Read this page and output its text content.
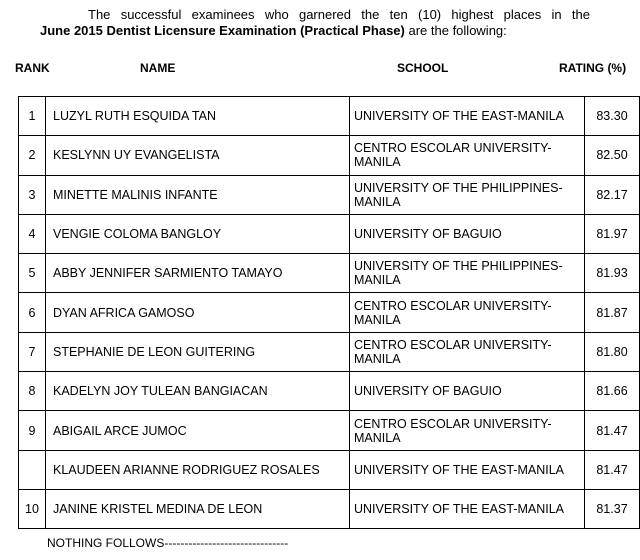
The successful examinees who garnered the ten (10) highest places in the
June 2015 Dentist Licensure Examination (Practical Phase) are the following:
RANK	NAME	SCHOOL	RATING (%)
1	LUZYL RUTH ESQUIDA TAN	UNIVERSITY OF THE EAST-MANILA	83.30
2	KESLYNN UY EVANGELISTA	CENTRO ESCOLAR UNIVERSITY-MANILA	82.50
3	MINETTE MALINIS INFANTE	UNIVERSITY OF THE PHILIPPINES-MANILA	82.17
4	VENGIE COLOMA BANGLOY	UNIVERSITY OF BAGUIO	81.97
5	ABBY JENNIFER SARMIENTO TAMAYO	UNIVERSITY OF THE PHILIPPINES-MANILA	81.93
6	DYAN AFRICA GAMOSO	CENTRO ESCOLAR UNIVERSITY-MANILA	81.87
7	STEPHANIE DE LEON GUITERING	CENTRO ESCOLAR UNIVERSITY-MANILA	81.80
8	KADELYN JOY TULEAN BANGIACAN	UNIVERSITY OF BAGUIO	81.66
9	ABIGAIL ARCE JUMOC	CENTRO ESCOLAR UNIVERSITY-MANILA	81.47
	KLAUDEEN ARIANNE RODRIGUEZ ROSALES	UNIVERSITY OF THE EAST-MANILA	81.47
10	JANINE KRISTEL MEDINA DE LEON	UNIVERSITY OF THE EAST-MANILA	81.37
NOTHING FOLLOWS-------------------------------
